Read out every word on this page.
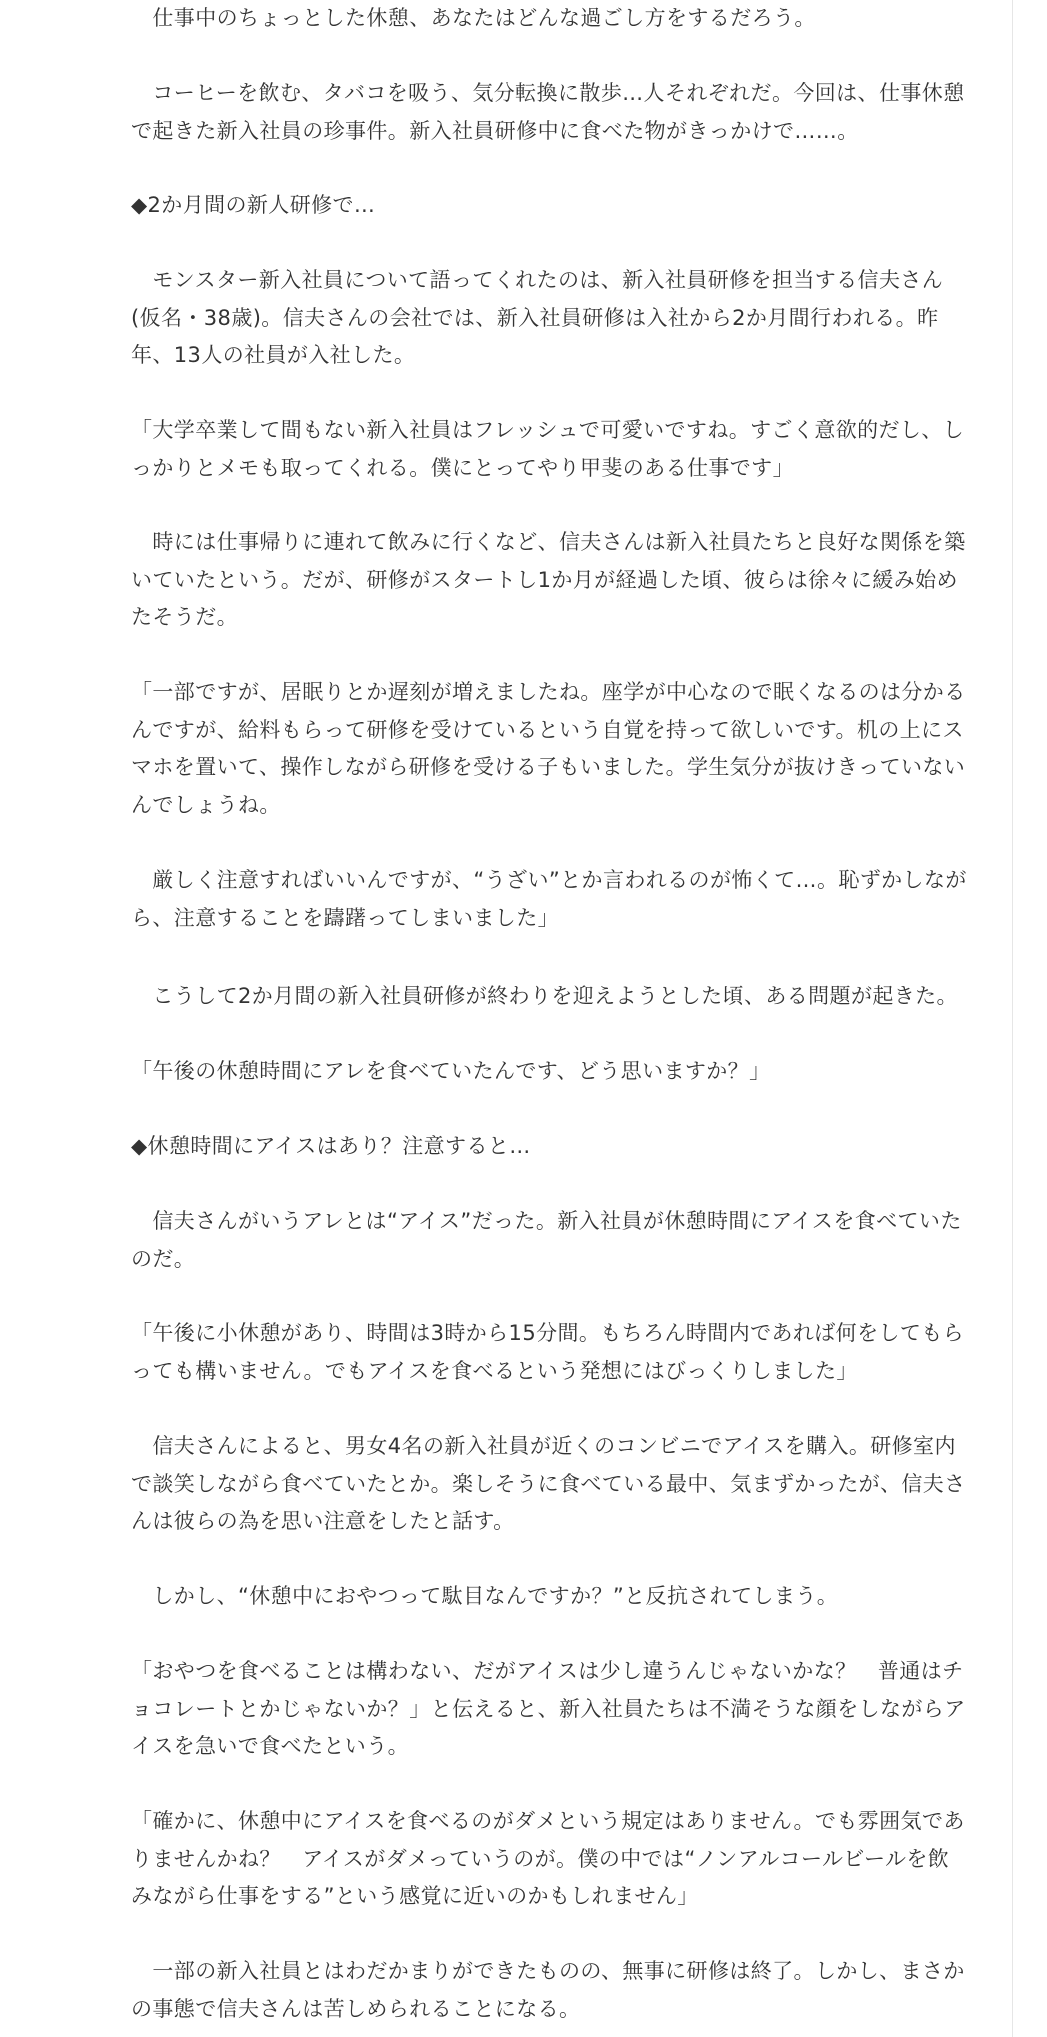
　仕事中のちょっとした休憩、あなたはどんな過ごし方をするだろう。

　コーヒーを飲む、タバコを吸う、気分転換に散歩…人それぞれだ。今回は、仕事休憩で起きた新入社員の珍事件。新入社員研修中に食べた物がきっかけで……。

◆2か月間の新人研修で…

　モンスター新入社員について語ってくれたのは、新入社員研修を担当する信夫さん(仮名・38歳)。信夫さんの会社では、新入社員研修は入社から2か月間行われる。昨年、13人の社員が入社した。

「大学卒業して間もない新入社員はフレッシュで可愛いですね。すごく意欲的だし、しっかりとメモも取ってくれる。僕にとってやり甲斐のある仕事です」

　時には仕事帰りに連れて飲みに行くなど、信夫さんは新入社員たちと良好な関係を築いていたという。だが、研修がスタートし1か月が経過した頃、彼らは徐々に緩み始めたそうだ。

「一部ですが、居眠りとか遅刻が増えましたね。座学が中心なので眠くなるのは分かるんですが、給料もらって研修を受けているという自覚を持って欲しいです。机の上にスマホを置いて、操作しながら研修を受ける子もいました。学生気分が抜けきっていないんでしょうね。

　厳しく注意すればいいんですが、“うざい”とか言われるのが怖くて…。恥ずかしながら、注意することを躊躇ってしまいました」

　こうして2か月間の新入社員研修が終わりを迎えようとした頃、ある問題が起きた。

「午後の休憩時間にアレを食べていたんです、どう思いますか？」

◆休憩時間にアイスはあり？注意すると…

　信夫さんがいうアレとは“アイス”だった。新入社員が休憩時間にアイスを食べていたのだ。

「午後に小休憩があり、時間は3時から15分間。もちろん時間内であれば何をしてもらっても構いません。でもアイスを食べるという発想にはびっくりしました」

　信夫さんによると、男女4名の新入社員が近くのコンビニでアイスを購入。研修室内で談笑しながら食べていたとか。楽しそうに食べている最中、気まずかったが、信夫さんは彼らの為を思い注意をしたと話す。

　しかし、“休憩中におやつって駄目なんですか？”と反抗されてしまう。

「おやつを食べることは構わない、だがアイスは少し違うんじゃないかな？　普通はチョコレートとかじゃないか？」と伝えると、新入社員たちは不満そうな顔をしながらアイスを急いで食べたという。

「確かに、休憩中にアイスを食べるのがダメという規定はありません。でも雰囲気でありませんかね？　アイスがダメっていうのが。僕の中では“ノンアルコールビールを飲みながら仕事をする”という感覚に近いのかもしれません」

　一部の新入社員とはわだかまりができたものの、無事に研修は終了。しかし、まさかの事態で信夫さんは苦しめられることになる。
